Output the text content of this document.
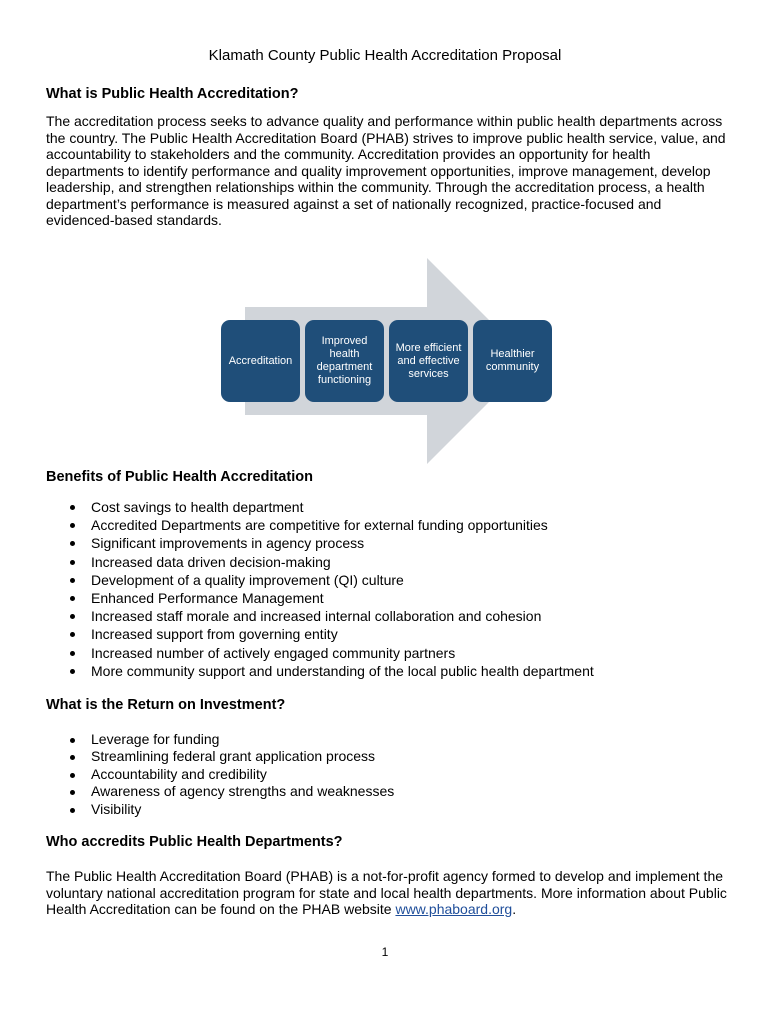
Klamath County Public Health Accreditation Proposal
What is Public Health Accreditation?
The accreditation process seeks to advance quality and performance within public health departments across
the country. The Public Health Accreditation Board (PHAB) strives to improve public health service, value, and
accountability to stakeholders and the community. Accreditation provides an opportunity for health
departments to identify performance and quality improvement opportunities, improve management, develop
leadership, and strengthen relationships within the community. Through the accreditation process, a health
department’s performance is measured against a set of nationally recognized, practice-focused and
evidenced-based standards.
Accreditation
Improved health department functioning
More efficient and effective services
Healthier community
Benefits of Public Health Accreditation
Cost savings to health department
Accredited Departments are competitive for external funding opportunities
Significant improvements in agency process
Increased data driven decision-making
Development of a quality improvement (QI) culture
Enhanced Performance Management
Increased staff morale and increased internal collaboration and cohesion
Increased support from governing entity
Increased number of actively engaged community partners
More community support and understanding of the local public health department
What is the Return on Investment?
Leverage for funding
Streamlining federal grant application process
Accountability and credibility
Awareness of agency strengths and weaknesses
Visibility
Who accredits Public Health Departments?
The Public Health Accreditation Board (PHAB) is a not-for-profit agency formed to develop and implement the
voluntary national accreditation program for state and local health departments. More information about Public
Health Accreditation can be found on the PHAB website www.phaboard.org.
1
